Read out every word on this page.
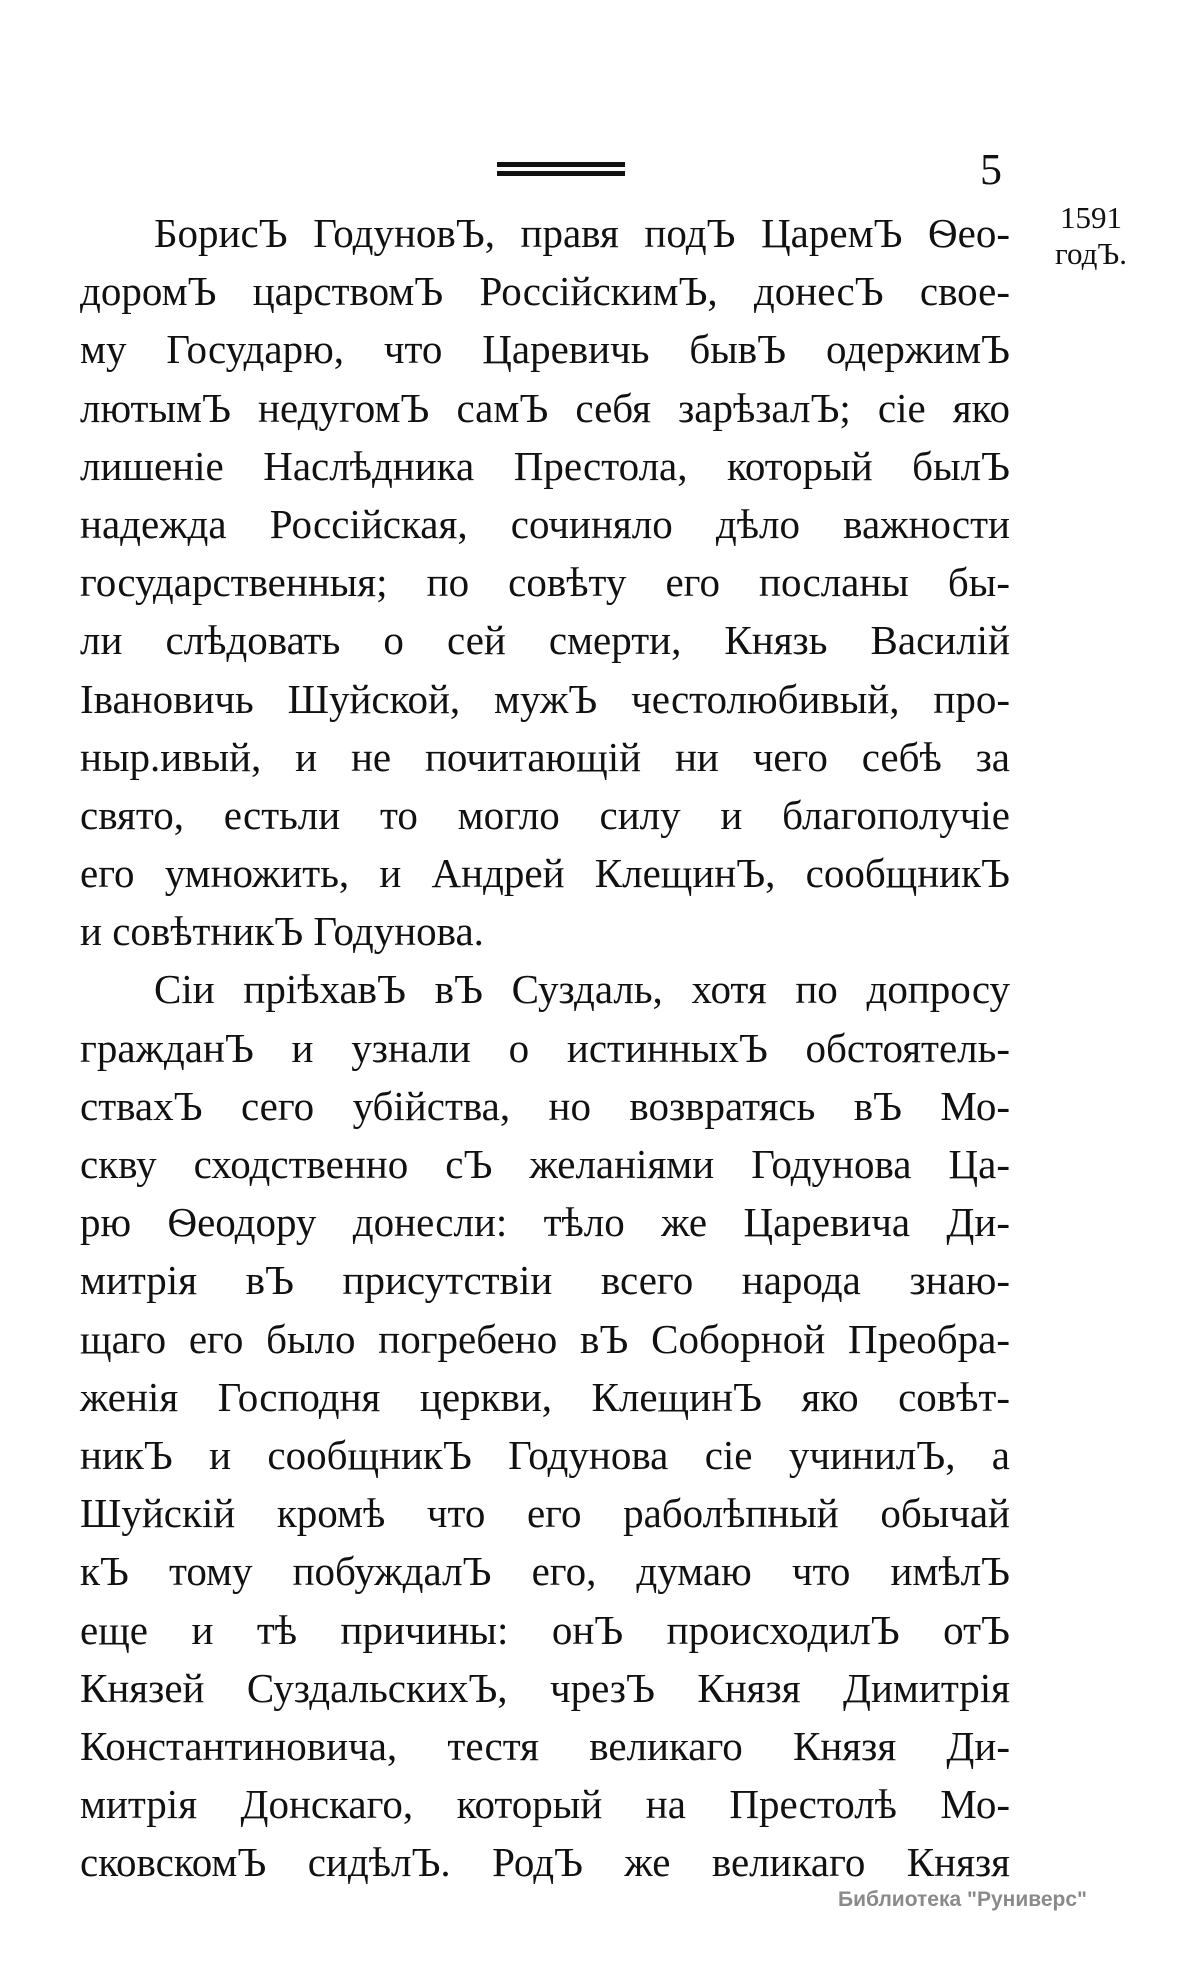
5
1591
годЪ.
БорисЪ ГодуновЪ, правя подЪ ЦаремЪ Ѳео-
доромЪ царствомЪ РоссійскимЪ, донесЪ свое-
му Государю, что Царевичь бывЪ одержимЪ
лютымЪ недугомЪ самЪ себя зарѣзалЪ; сіе яко
лишеніе Наслѣдника Престола, который былЪ
надежда Россійская, сочиняло дѣло важности
государственныя; по совѣту его посланы бы-
ли слѣдовать о сей смерти, Князь Василій
Івановичь Шуйской, мужЪ честолюбивый, про-
ныр.ивый, и не почитающій ни чего себѣ за
свято, естьли то могло силу и благополучіе
его умножить, и Андрей КлещинЪ, сообщникЪ
и совѣтникЪ Годунова.
Сіи пріѣхавЪ вЪ Суздаль, хотя по допросу
гражданЪ и узнали о истинныхЪ обстоятель-
ствахЪ сего убійства, но возвратясь вЪ Мо-
скву сходственно сЪ желаніями Годунова Ца-
рю Ѳеодору донесли: тѣло же Царевича Ди-
митрія вЪ присутствіи всего народа знаю-
щаго его было погребено вЪ Соборной Преобра-
женія Господня церкви, КлещинЪ яко совѣт-
никЪ и сообщникЪ Годунова сіе учинилЪ, а
Шуйскій кромѣ что его раболѣпный обычай
кЪ тому побуждалЪ его, думаю что имѣлЪ
еще и тѣ причины: онЪ происходилЪ отЪ
Князей СуздальскихЪ, чрезЪ Князя Димитрія
Константиновича, тестя великаго Князя Ди-
митрія Донскаго, который на Престолѣ Мо-
сковскомЪ сидѣлЪ. РодЪ же великаго Князя
Библиотека "Руниверс"
